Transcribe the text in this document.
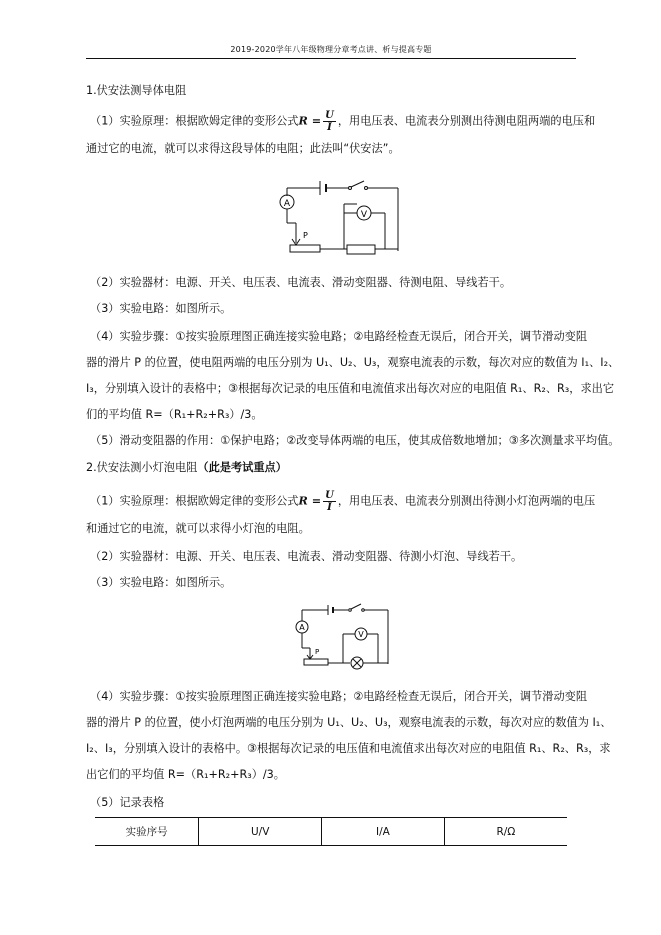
2019-2020学年八年级物理分章考点讲、析与提高专题
1.伏安法测导体电阻
（1）实验原理：根据欧姆定律的变形公式$R = \frac{U}{I}$ ，用电压表、电流表分别测出待测电阻两端的电压和
通过它的电流，就可以求得这段导体的电阻；此法叫“伏安法”。
A
V
P
（2）实验器材：电源、开关、电压表、电流表、滑动变阻器、待测电阻、导线若干。
（3）实验电路：如图所示。
（4）实验步骤：①按实验原理图正确连接实验电路；②电路经检查无误后，闭合开关，调节滑动变阻
器的滑片 P 的位置，使电阻两端的电压分别为 U₁、U₂、U₃，观察电流表的示数，每次对应的数值为 I₁、I₂、
I₃，分别填入设计的表格中；③根据每次记录的电压值和电流值求出每次对应的电阻值 R₁、R₂、R₃，求出它
们的平均值 R=（R₁+R₂+R₃）/3。
（5）滑动变阻器的作用：①保护电路；②改变导体两端的电压，使其成倍数地增加；③多次测量求平均值。
2.伏安法测小灯泡电阻（此是考试重点）
（1）实验原理：根据欧姆定律的变形公式$R = \frac{U}{I}$ ，用电压表、电流表分别测出待测小灯泡两端的电压
和通过它的电流，就可以求得小灯泡的电阻。
（2）实验器材：电源、开关、电压表、电流表、滑动变阻器、待测小灯泡、导线若干。
（3）实验电路：如图所示。
A
V
P
（4）实验步骤：①按实验原理图正确连接实验电路；②电路经检查无误后，闭合开关，调节滑动变阻
器的滑片 P 的位置，使小灯泡两端的电压分别为 U₁、U₂、U₃，观察电流表的示数，每次对应的数值为 I₁、
I₂、I₃，分别填入设计的表格中。③根据每次记录的电压值和电流值求出每次对应的电阻值 R₁、R₂、R₃，求
出它们的平均值 R=（R₁+R₂+R₃）/3。
（5）记录表格
实验序号	U/V	I/A	R/Ω
